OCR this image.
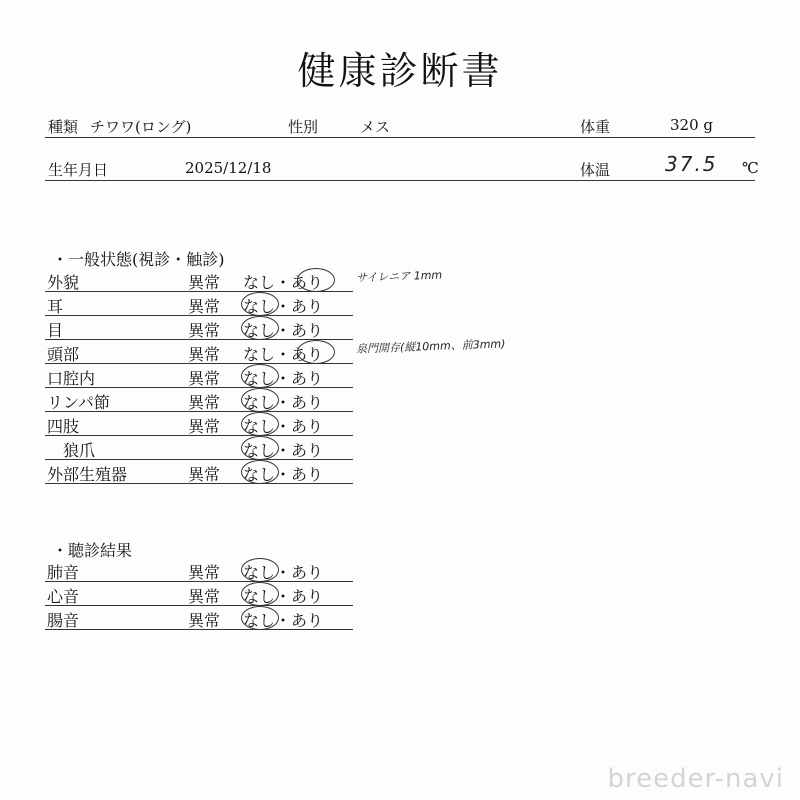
健康診断書
種類 チワワ(ロング)	性別	メス	体重	320 g
生年月日	2025/12/18	体温	37.5 ℃
・一般状態(視診・触診)
外貌	異常 なし・あり
耳	異常 なし・あり
目	異常 なし・あり
頭部	異常 なし・あり
口腔内	異常 なし・あり
リンパ節	異常 なし・あり
四肢	異常 なし・あり
狼爪	なし・あり
外部生殖器	異常 なし・あり
サイレニア 1mm
泉門開存(縦10mm、前3mm)
・聴診結果
肺音	異常 なし・あり
心音	異常 なし・あり
腸音	異常 なし・あり
breeder-navi
